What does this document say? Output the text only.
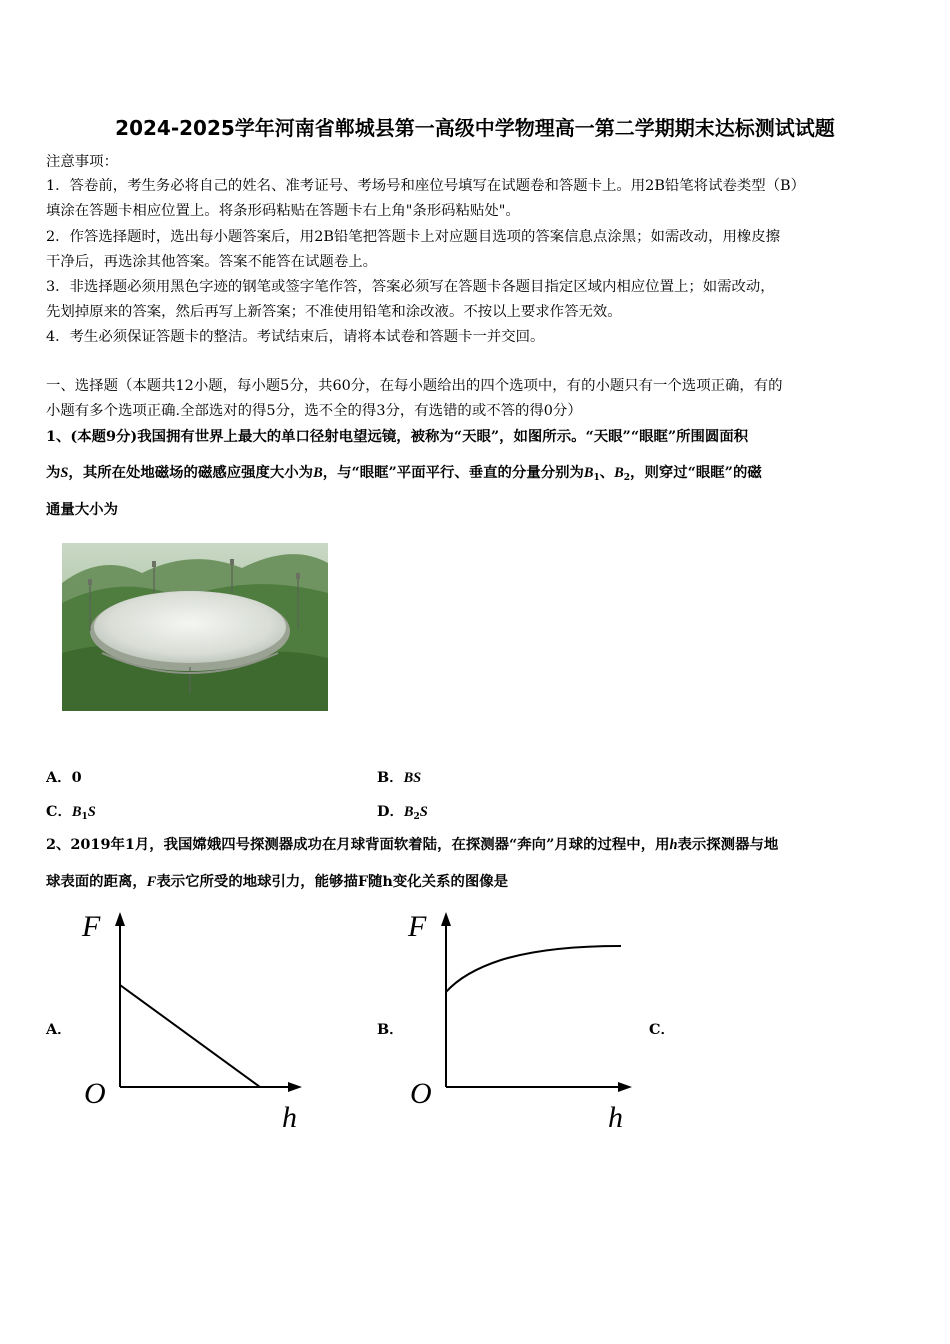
2024-2025学年河南省郸城县第一高级中学物理高一第二学期期末达标测试试题
注意事项：
1．答卷前，考生务必将自己的姓名、准考证号、考场号和座位号填写在试题卷和答题卡上。用2B铅笔将试卷类型（B）
填涂在答题卡相应位置上。将条形码粘贴在答题卡右上角"条形码粘贴处"。
2．作答选择题时，选出每小题答案后，用2B铅笔把答题卡上对应题目选项的答案信息点涂黑；如需改动，用橡皮擦
干净后，再选涂其他答案。答案不能答在试题卷上。
3．非选择题必须用黑色字迹的钢笔或签字笔作答，答案必须写在答题卡各题目指定区域内相应位置上；如需改动，
先划掉原来的答案，然后再写上新答案；不准使用铅笔和涂改液。不按以上要求作答无效。
4．考生必须保证答题卡的整洁。考试结束后，请将本试卷和答题卡一并交回。
一、选择题（本题共12小题，每小题5分，共60分，在每小题给出的四个选项中，有的小题只有一个选项正确，有的
小题有多个选项正确.全部选对的得5分，选不全的得3分，有选错的或不答的得0分）
1、(本题9分)我国拥有世界上最大的单口径射电望远镜，被称为“天眼”，如图所示。“天眼”“眼眶”所围圆面积
为S，其所在处地磁场的磁感应强度大小为B，与“眼眶”平面平行、垂直的分量分别为$B_1$、$B_2$，则穿过“眼眶”的磁
通量大小为
A．0	B．BS
C．$B_1S$	D．$B_2S$
2、2019年1月，我国嫦娥四号探测器成功在月球背面软着陆，在探测器“奔向”月球的过程中，用h表示探测器与地
球表面的距离，F表示它所受的地球引力，能够描F随h变化关系的图像是
A．	B．	C．
F
O
h
F
O
h
